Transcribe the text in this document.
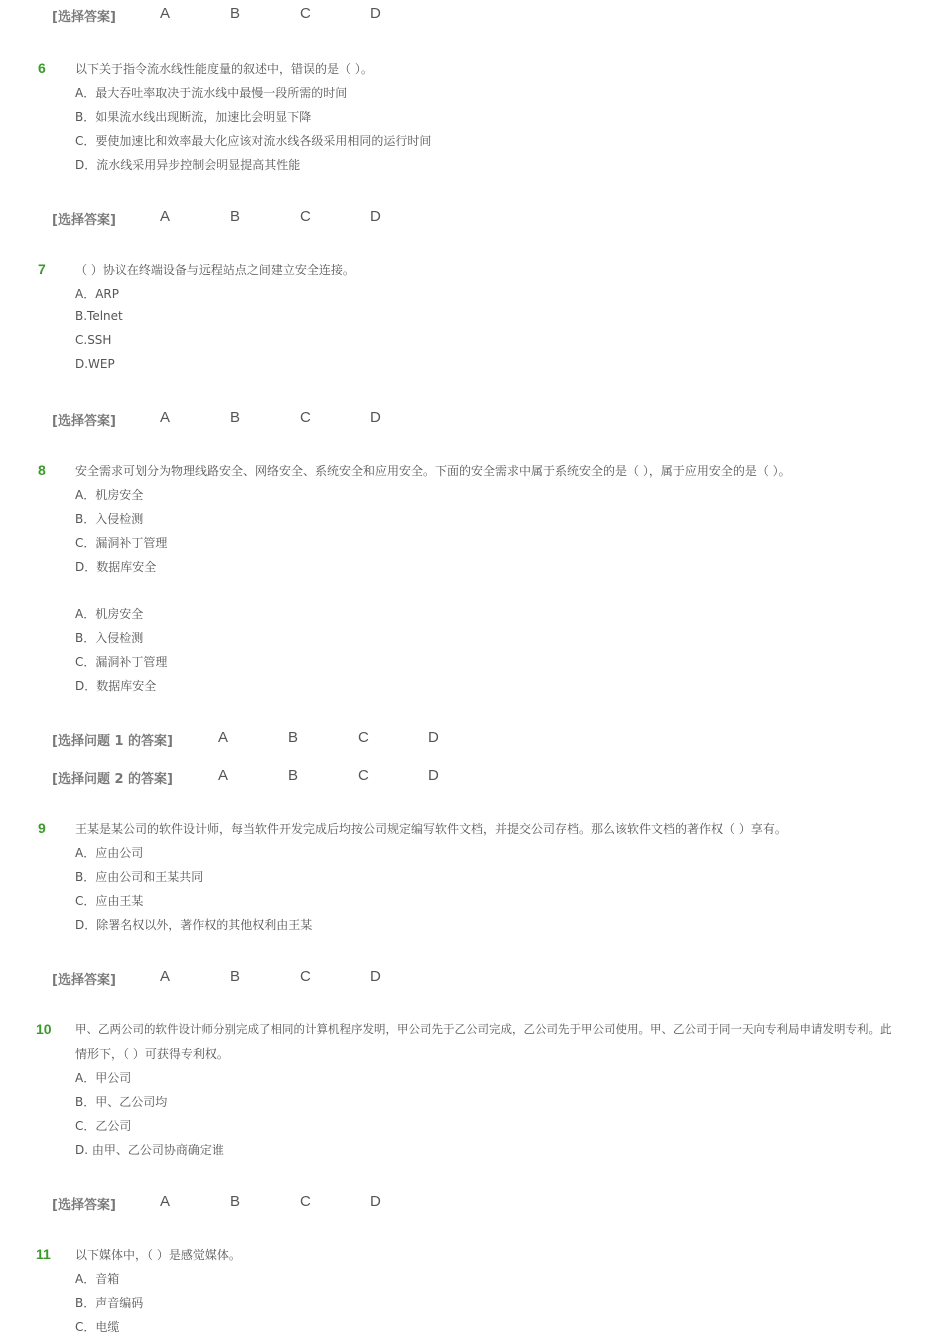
[选择答案]	A	B	C	D
6 以下关于指令流水线性能度量的叙述中，错误的是（ ）。
A．最大吞吐率取决于流水线中最慢一段所需的时间
B．如果流水线出现断流，加速比会明显下降
C．要使加速比和效率最大化应该对流水线各级采用相同的运行时间
D．流水线采用异步控制会明显提高其性能
[选择答案]	A	B	C	D
7 （ ）协议在终端设备与远程站点之间建立安全连接。
A．ARP
B.Telnet
C.SSH
D.WEP
[选择答案]	A	B	C	D
8 安全需求可划分为物理线路安全、网络安全、系统安全和应用安全。下面的安全需求中属于系统安全的是（ ），属于应用安全的是（ ）。
A．机房安全
B．入侵检测
C．漏洞补丁管理
D．数据库安全
A．机房安全
B．入侵检测
C．漏洞补丁管理
D．数据库安全
[选择问题 1 的答案]	A	B	C	D
[选择问题 2 的答案]	A	B	C	D
9 王某是某公司的软件设计师，每当软件开发完成后均按公司规定编写软件文档，并提交公司存档。那么该软件文档的著作权（ ）享有。
A．应由公司
B．应由公司和王某共同
C．应由王某
D．除署名权以外，著作权的其他权利由王某
[选择答案]	A	B	C	D
10 甲、乙两公司的软件设计师分别完成了相同的计算机程序发明，甲公司先于乙公司完成，乙公司先于甲公司使用。甲、乙公司于同一天向专利局申请发明专利。此
情形下，（ ）可获得专利权。
A．甲公司
B．甲、乙公司均
C．乙公司
D. 由甲、乙公司协商确定谁
[选择答案]	A	B	C	D
11 以下媒体中，（ ）是感觉媒体。
A．音箱
B．声音编码
C．电缆
